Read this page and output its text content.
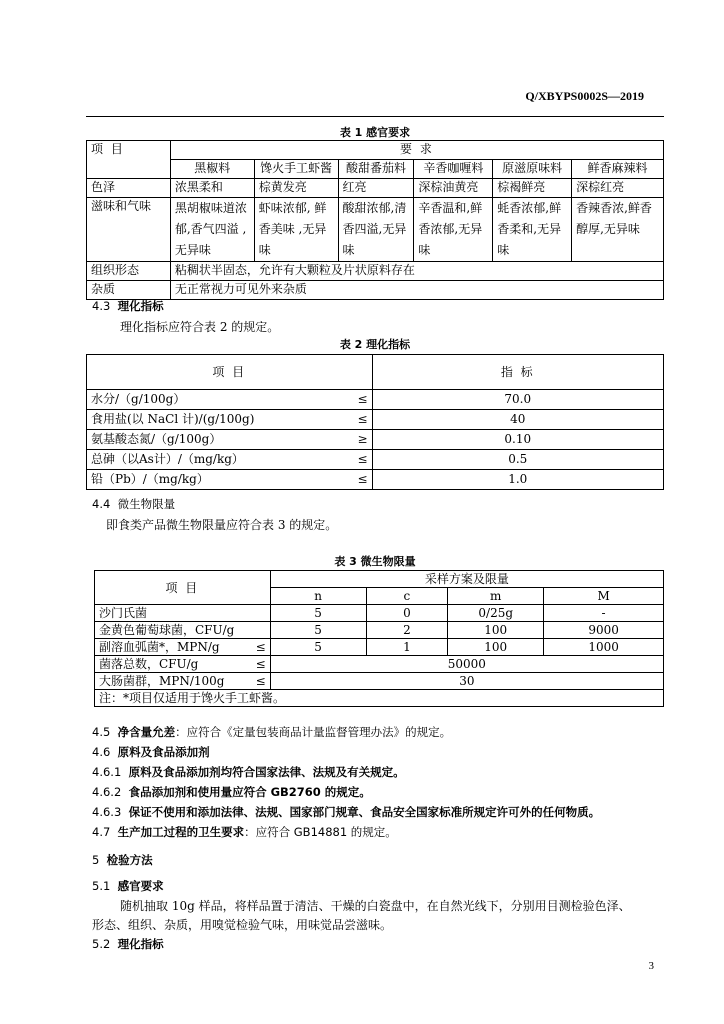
Q/XBYPS0002S—2019
表 1 感官要求
项 目	要 求					
	黑椒料	馋火手工虾酱	酸甜番茄料	辛香咖喱料	原滋原味料	鲜香麻辣料
色泽	浓黑柔和	棕黄发亮	红亮	深棕油黄亮	棕褐鲜亮	深棕红亮
滋味和气味	黑胡椒味道浓郁,香气四溢 ,无异味	虾味浓郁, 鲜香美味 ,无异味	酸甜浓郁,清香四溢,无异味	辛香温和,鲜香浓郁,无异味	蚝香浓郁,鲜香柔和,无异味	香辣香浓,鲜香醇厚,无异味
组织形态	粘稠状半固态，允许有大颗粒及片状原料存在					
杂质	无正常视力可见外来杂质					
4.3 理化指标
理化指标应符合表 2 的规定。
表 2 理化指标
项 目	指 标
水分/（g/100g） ≤	70.0
食用盐(以 NaCl 计)/(g/100g) ≤	40
氨基酸态氮/（g/100g） ≥	0.10
总砷（以As计）/（mg/kg） ≤	0.5
铅（Pb）/（mg/kg） ≤	1.0
4.4 微生物限量
即食类产品微生物限量应符合表 3 的规定。
表 3 微生物限量
项 目	采样方案及限量			
	n	c	m	M
沙门氏菌	5	0	0/25g	-
金黄色葡萄球菌，CFU/g	5	2	100	9000
副溶血弧菌*，MPN/g ≤	5	1	100	1000
菌落总数，CFU/g ≤	50000			
大肠菌群，MPN/100g ≤	30			
注：*项目仅适用于馋火手工虾酱。				
4.5 净含量允差：应符合《定量包装商品计量监督管理办法》的规定。
4.6 原料及食品添加剂
4.6.1 原料及食品添加剂均符合国家法律、法规及有关规定。
4.6.2 食品添加剂和使用量应符合 GB2760 的规定。
4.6.3 保证不使用和添加法律、法规、国家部门规章、食品安全国家标准所规定许可外的任何物质。
4.7 生产加工过程的卫生要求：应符合 GB14881 的规定。
5 检验方法
5.1 感官要求
随机抽取 10g 样品，将样品置于清洁、干燥的白瓷盘中，在自然光线下，分别用目测检验色泽、
形态、组织、杂质，用嗅觉检验气味，用味觉品尝滋味。
5.2 理化指标
3
